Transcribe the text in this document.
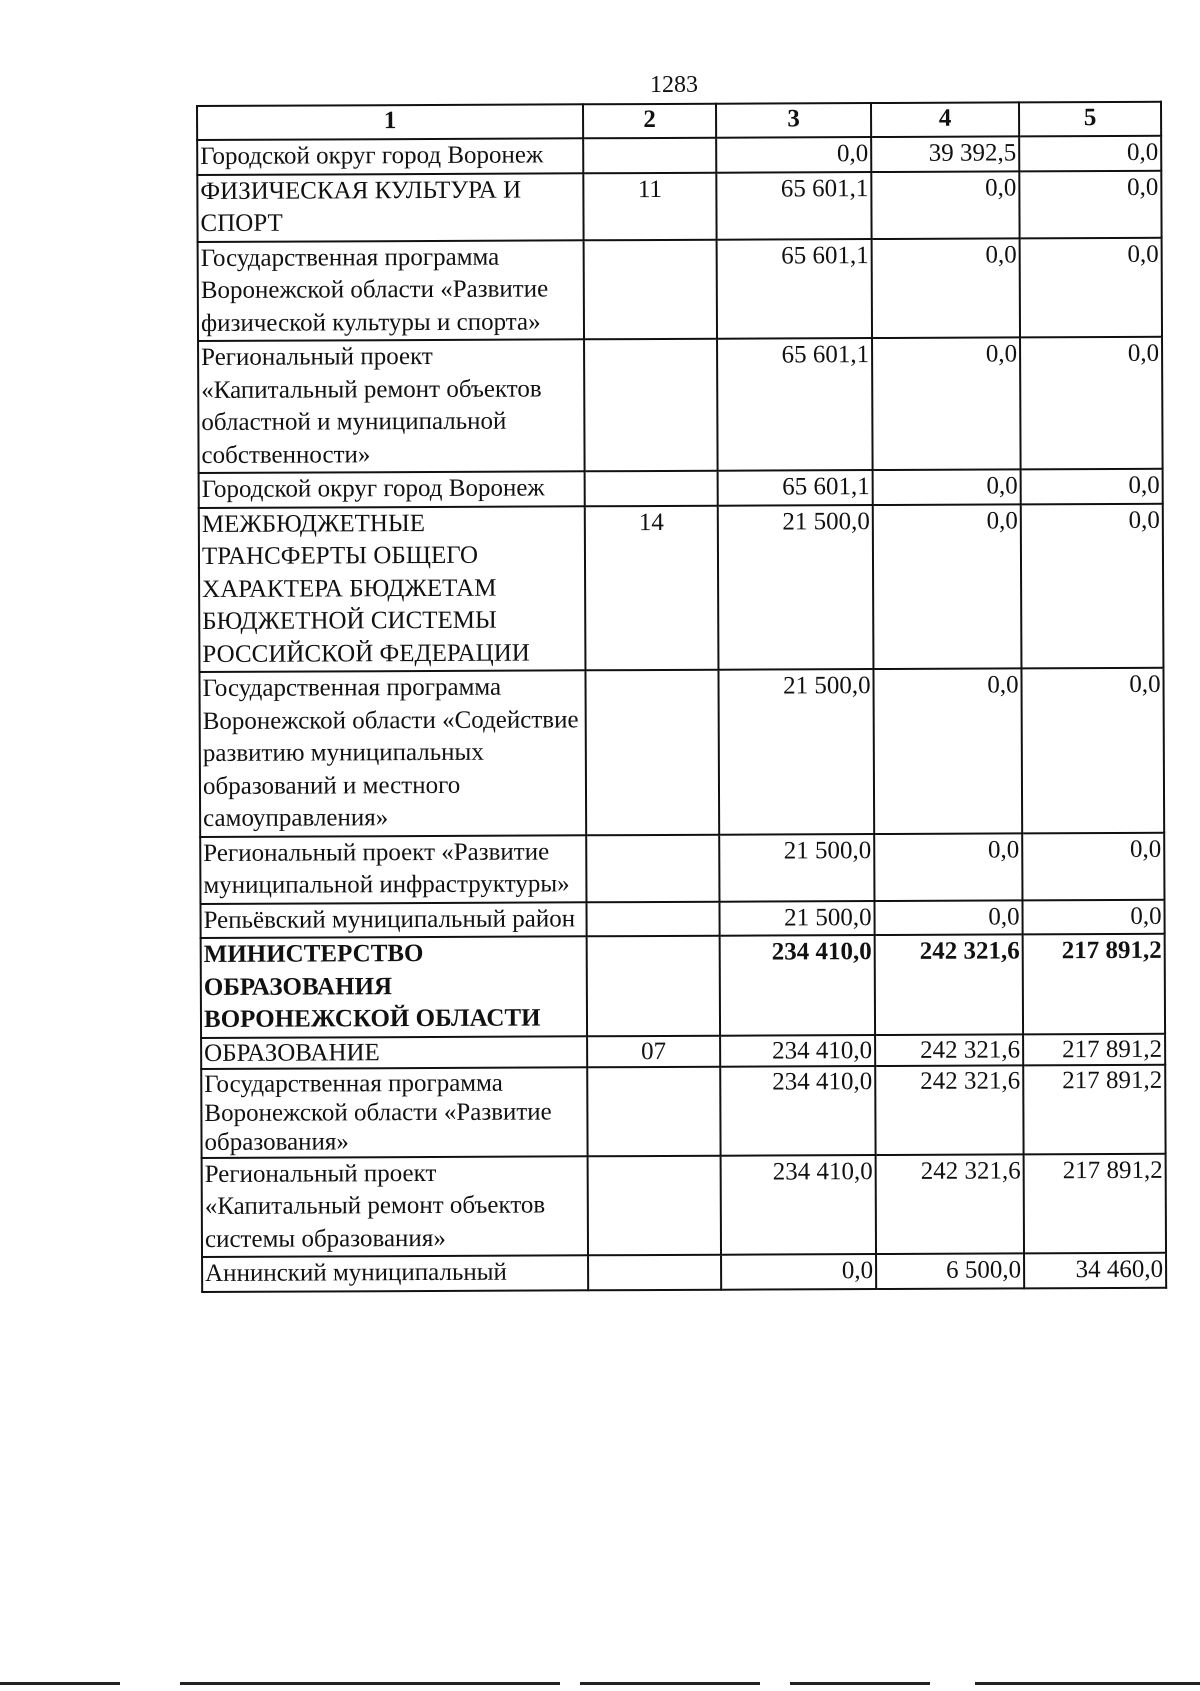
1283
1	2	3	4	5
Городской округ город Воронеж		0,0	39 392,5	0,0
ФИЗИЧЕСКАЯ КУЛЬТУРА И СПОРТ	11	65 601,1	0,0	0,0
Государственная программа Воронежской области «Развитие физической культуры и спорта»		65 601,1	0,0	0,0
Региональный проект «Капитальный ремонт объектов областной и муниципальной собственности»		65 601,1	0,0	0,0
Городской округ город Воронеж		65 601,1	0,0	0,0
МЕЖБЮДЖЕТНЫЕ ТРАНСФЕРТЫ ОБЩЕГО ХАРАКТЕРА БЮДЖЕТАМ БЮДЖЕТНОЙ СИСТЕМЫ РОССИЙСКОЙ ФЕДЕРАЦИИ	14	21 500,0	0,0	0,0
Государственная программа Воронежской области «Содействие развитию муниципальных образований и местного самоуправления»		21 500,0	0,0	0,0
Региональный проект «Развитие муниципальной инфраструктуры»		21 500,0	0,0	0,0
Репьёвский муниципальный район		21 500,0	0,0	0,0
МИНИСТЕРСТВО ОБРАЗОВАНИЯ ВОРОНЕЖСКОЙ ОБЛАСТИ		234 410,0	242 321,6	217 891,2
ОБРАЗОВАНИЕ	07	234 410,0	242 321,6	217 891,2
Государственная программа Воронежской области «Развитие образования»		234 410,0	242 321,6	217 891,2
Региональный проект «Капитальный ремонт объектов системы образования»		234 410,0	242 321,6	217 891,2
Аннинский муниципальный		0,0	6 500,0	34 460,0
